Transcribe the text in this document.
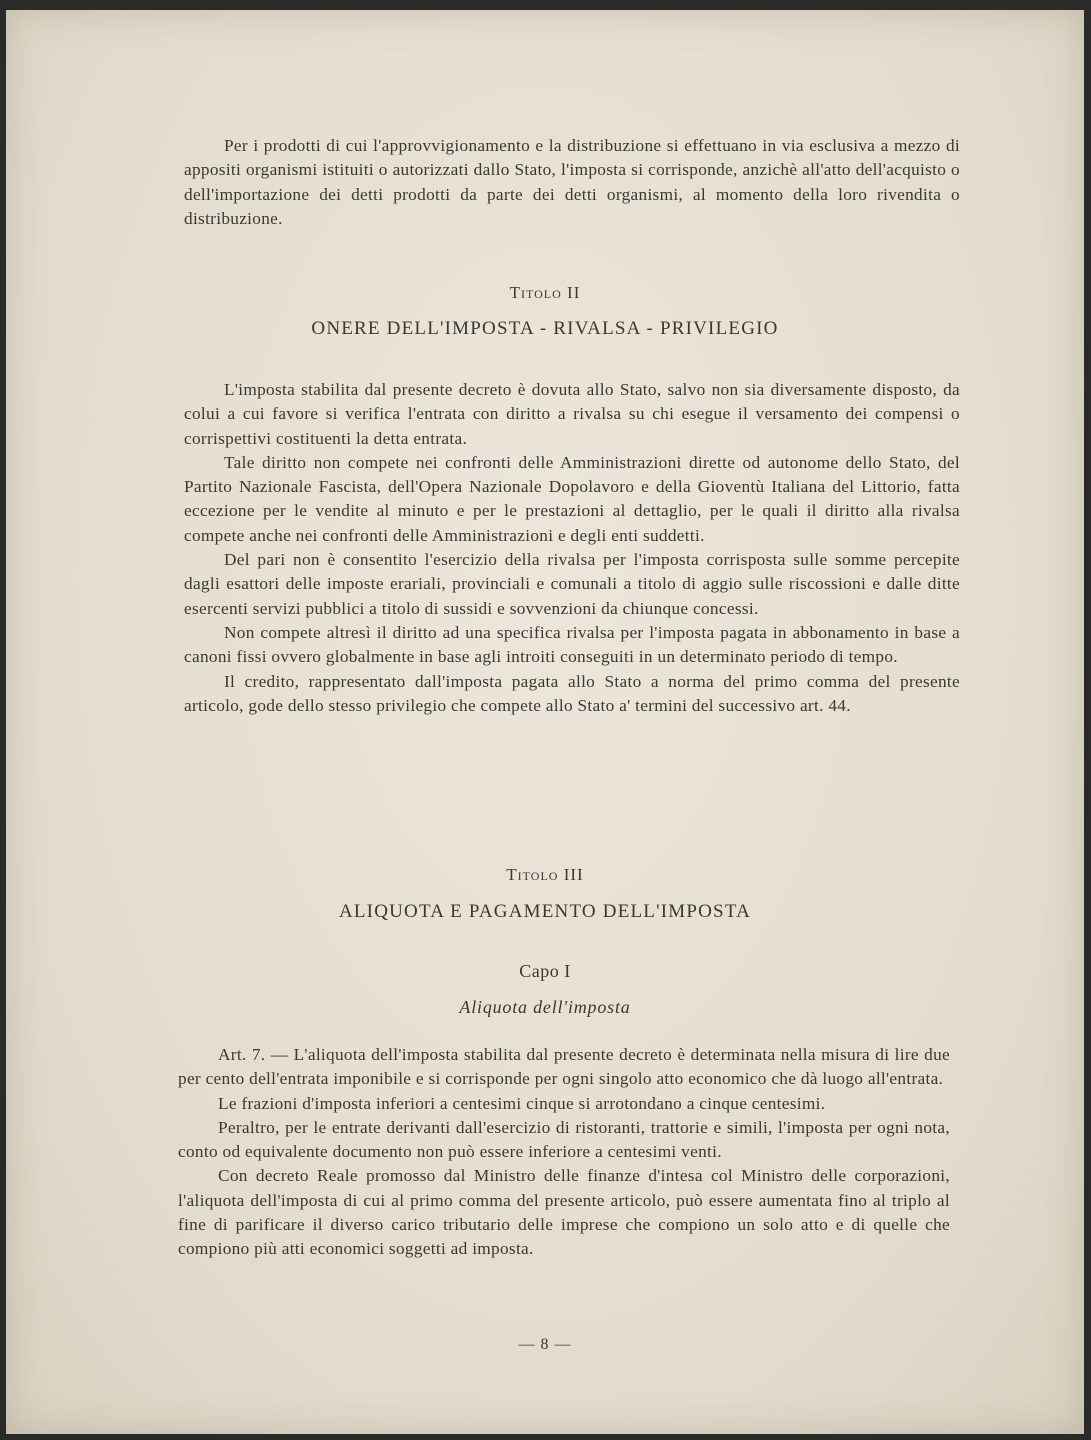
Per i prodotti di cui l'approvvigionamento e la distribuzione si effettuano in via esclusiva a mezzo di appositi organismi istituiti o autorizzati dallo Stato, l'imposta si corrisponde, anzichè all'atto dell'acquisto o dell'importazione dei detti prodotti da parte dei detti organismi, al momento della loro rivendita o distribuzione.

Titolo II
ONERE DELL'IMPOSTA - RIVALSA - PRIVILEGIO

L'imposta stabilita dal presente decreto è dovuta allo Stato, salvo non sia diversamente disposto, da colui a cui favore si verifica l'entrata con diritto a rivalsa su chi esegue il versamento dei compensi o corrispettivi costituenti la detta entrata.

Tale diritto non compete nei confronti delle Amministrazioni dirette od autonome dello Stato, del Partito Nazionale Fascista, dell'Opera Nazionale Dopolavoro e della Gioventù Italiana del Littorio, fatta eccezione per le vendite al minuto e per le prestazioni al dettaglio, per le quali il diritto alla rivalsa compete anche nei confronti delle Amministrazioni e degli enti suddetti.

Del pari non è consentito l'esercizio della rivalsa per l'imposta corrisposta sulle somme percepite dagli esattori delle imposte erariali, provinciali e comunali a titolo di aggio sulle riscossioni e dalle ditte esercenti servizi pubblici a titolo di sussidi e sovvenzioni da chiunque concessi.

Non compete altresì il diritto ad una specifica rivalsa per l'imposta pagata in abbonamento in base a canoni fissi ovvero globalmente in base agli introiti conseguiti in un determinato periodo di tempo.

Il credito, rappresentato dall'imposta pagata allo Stato a norma del primo comma del presente articolo, gode dello stesso privilegio che compete allo Stato a' termini del successivo art. 44.

Titolo III
ALIQUOTA E PAGAMENTO DELL'IMPOSTA
Capo I
Aliquota dell'imposta

Art. 7. — L'aliquota dell'imposta stabilita dal presente decreto è determinata nella misura di lire due per cento dell'entrata imponibile e si corrisponde per ogni singolo atto economico che dà luogo all'entrata.

Le frazioni d'imposta inferiori a centesimi cinque si arrotondano a cinque centesimi.

Peraltro, per le entrate derivanti dall'esercizio di ristoranti, trattorie e simili, l'imposta per ogni nota, conto od equivalente documento non può essere inferiore a centesimi venti.

Con decreto Reale promosso dal Ministro delle finanze d'intesa col Ministro delle corporazioni, l'aliquota dell'imposta di cui al primo comma del presente articolo, può essere aumentata fino al triplo al fine di parificare il diverso carico tributario delle imprese che compiono un solo atto e di quelle che compiono più atti economici soggetti ad imposta.

— 8 —
